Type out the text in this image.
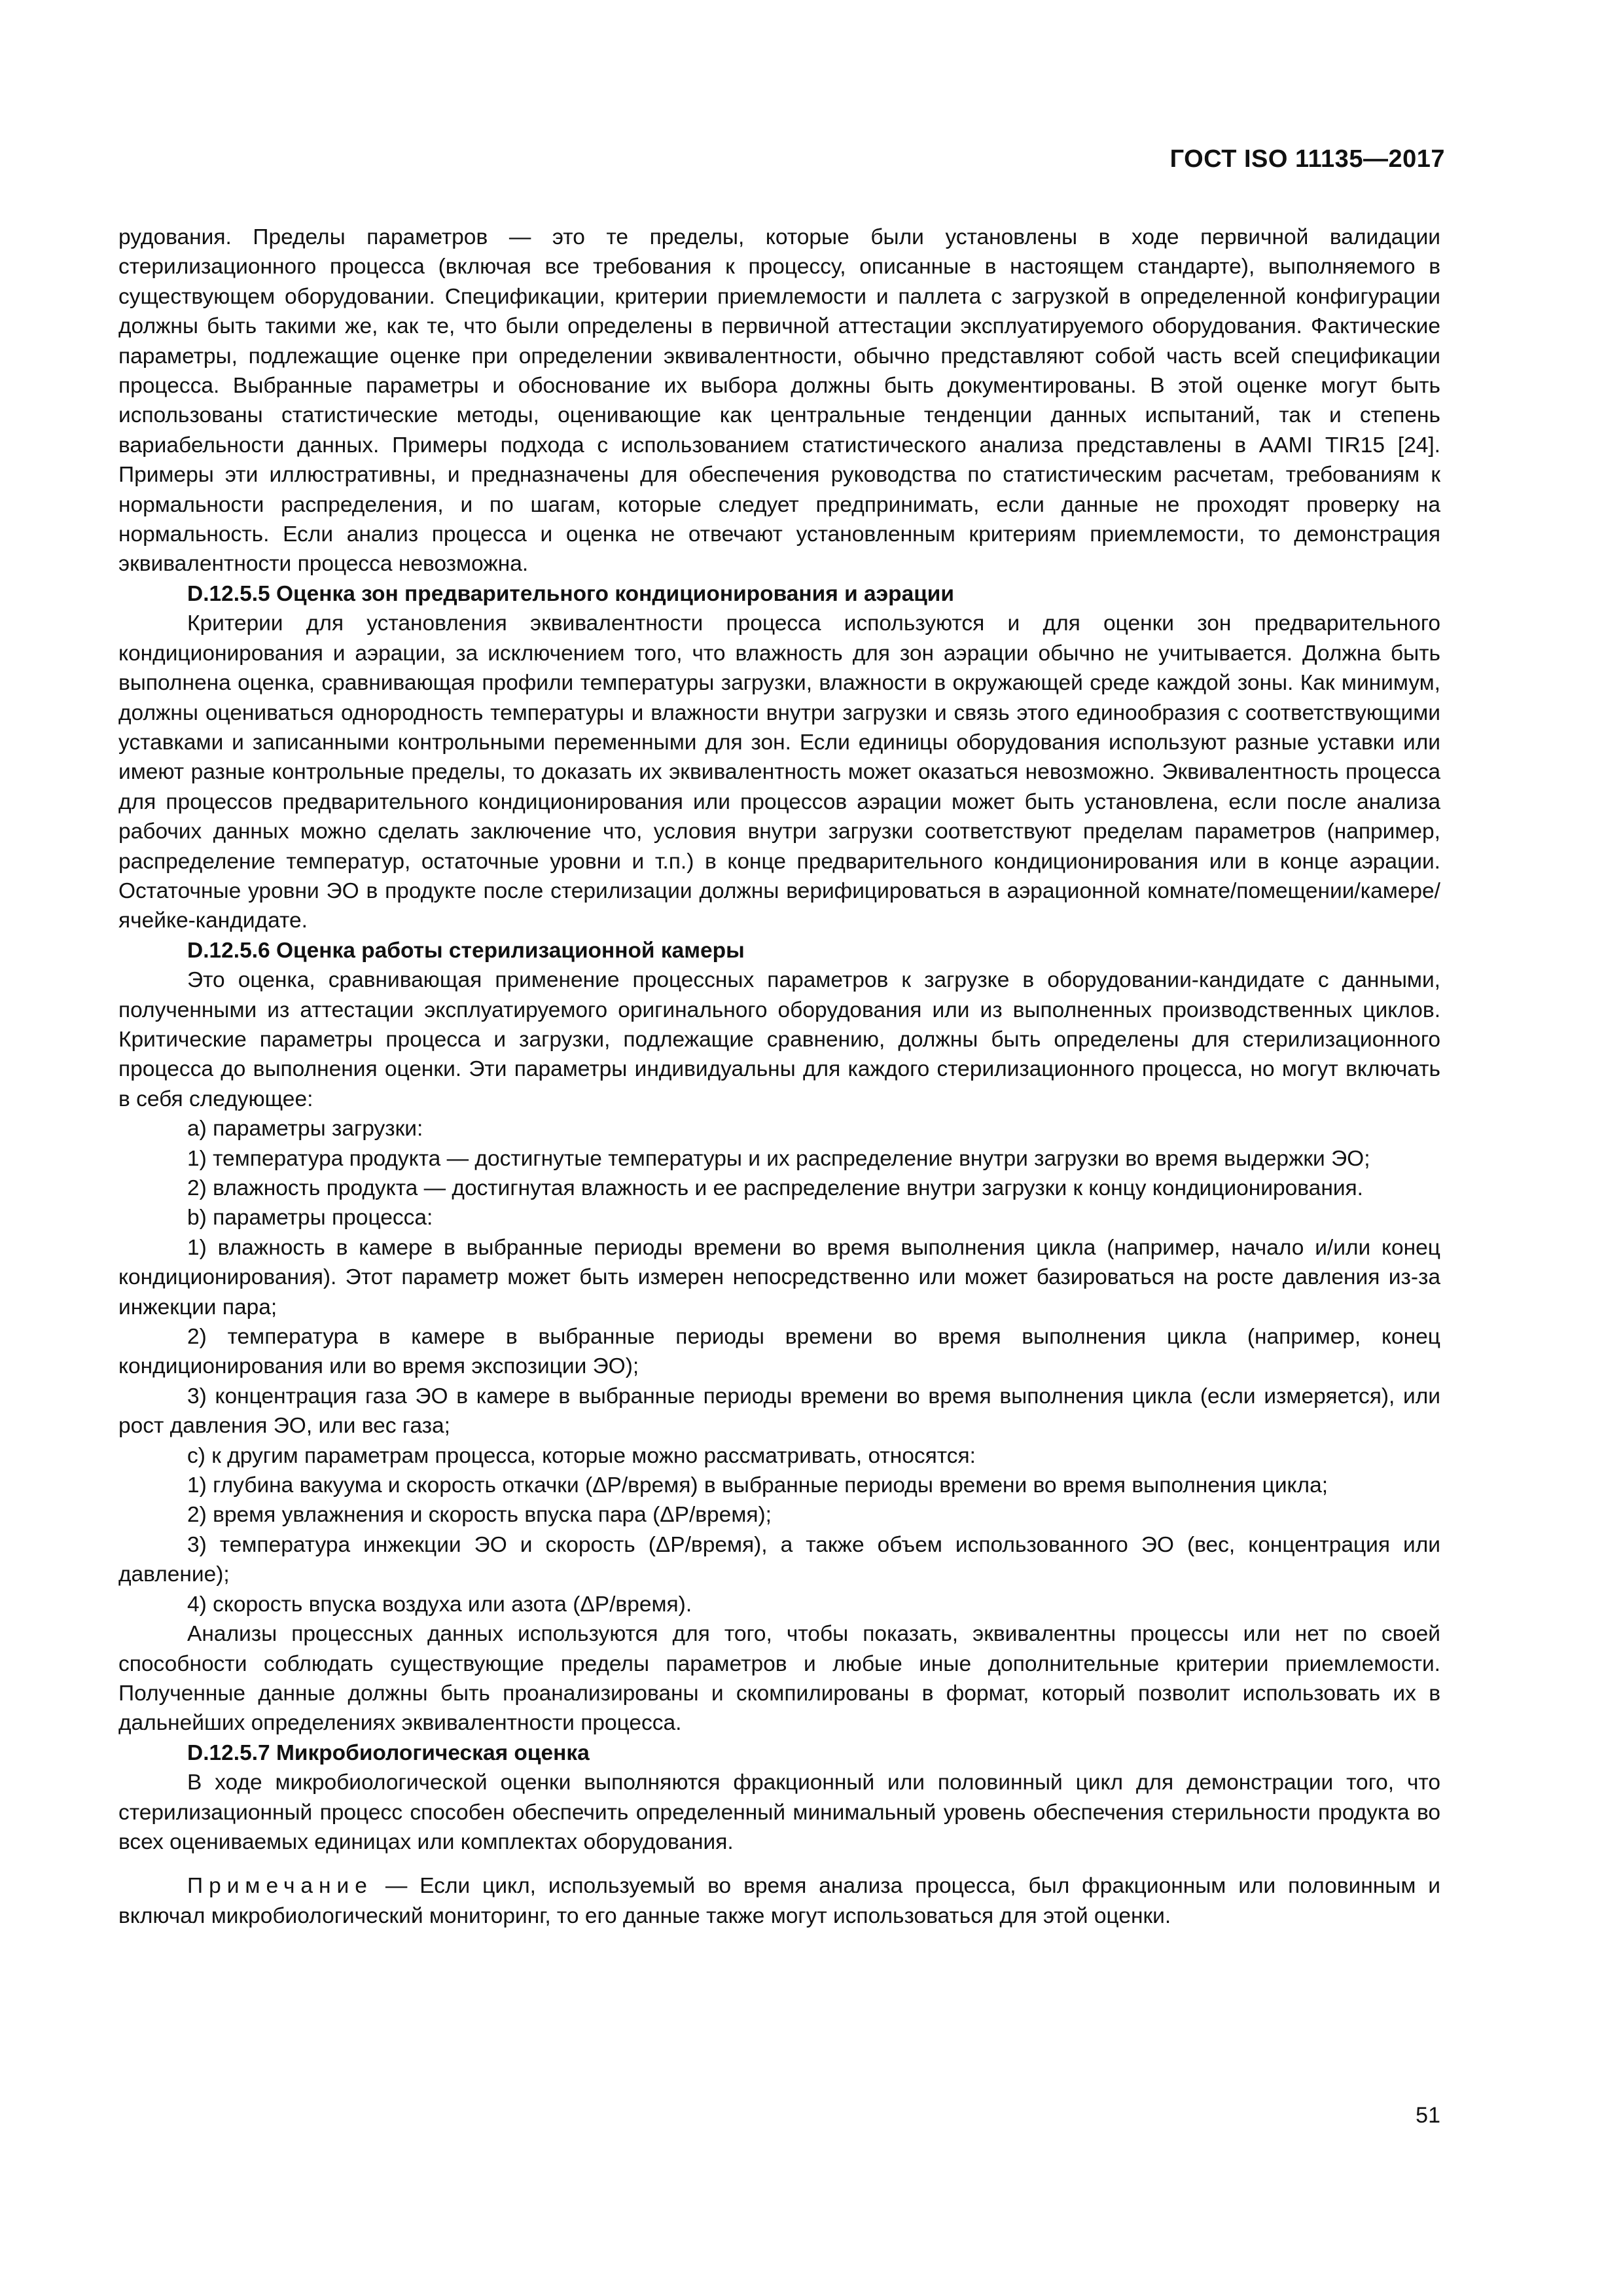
ГОСТ ISO 11135—2017

рудования. Пределы параметров — это те пределы, которые были установлены в ходе первичной валидации стерилизационного процесса (включая все требования к процессу, описанные в настоящем стандарте), выполняемого в существующем оборудовании. Спецификации, критерии приемлемости и паллета с загрузкой в определенной конфигурации должны быть такими же, как те, что были определены в первичной аттестации эксплуатируемого оборудования. Фактические параметры, подлежащие оценке при определении эквивалентности, обычно представляют собой часть всей спецификации процесса. Выбранные параметры и обоснование их выбора должны быть документированы. В этой оценке могут быть использованы статистические методы, оценивающие как центральные тенденции данных испытаний, так и степень вариабельности данных. Примеры подхода с использованием статистического анализа представлены в AAMI TIR15 [24]. Примеры эти иллюстративны, и предназначены для обеспечения руководства по статистическим расчетам, требованиям к нормальности распределения, и по шагам, которые следует предпринимать, если данные не проходят проверку на нормальность. Если анализ процесса и оценка не отвечают установленным критериям приемлемости, то демонстрация эквивалентности процесса невозможна.

D.12.5.5 Оценка зон предварительного кондиционирования и аэрации

Критерии для установления эквивалентности процесса используются и для оценки зон предварительного кондиционирования и аэрации, за исключением того, что влажность для зон аэрации обычно не учитывается. Должна быть выполнена оценка, сравнивающая профили температуры загрузки, влажности в окружающей среде каждой зоны. Как минимум, должны оцениваться однородность температуры и влажности внутри загрузки и связь этого единообразия с соответствующими уставками и записанными контрольными переменными для зон. Если единицы оборудования используют разные уставки или имеют разные контрольные пределы, то доказать их эквивалентность может оказаться невозможно. Эквивалентность процесса для процессов предварительного кондиционирования или процессов аэрации может быть установлена, если после анализа рабочих данных можно сделать заключение что, условия внутри загрузки соответствуют пределам параметров (например, распределение температур, остаточные уровни и т.п.) в конце предварительного кондиционирования или в конце аэрации. Остаточные уровни ЭО в продукте после стерилизации должны верифицироваться в аэрационной комнате/помещении/камере/ячейке-кандидате.

D.12.5.6 Оценка работы стерилизационной камеры

Это оценка, сравнивающая применение процессных параметров к загрузке в оборудовании-кандидате с данными, полученными из аттестации эксплуатируемого оригинального оборудования или из выполненных производственных циклов. Критические параметры процесса и загрузки, подлежащие сравнению, должны быть определены для стерилизационного процесса до выполнения оценки. Эти параметры индивидуальны для каждого стерилизационного процесса, но могут включать в себя следующее:

а) параметры загрузки:

1) температура продукта — достигнутые температуры и их распределение внутри загрузки во время выдержки ЭО;

2) влажность продукта — достигнутая влажность и ее распределение внутри загрузки к концу кондиционирования.

b) параметры процесса:

1) влажность в камере в выбранные периоды времени во время выполнения цикла (например, начало и/или конец кондиционирования). Этот параметр может быть измерен непосредственно или может базироваться на росте давления из-за инжекции пара;

2) температура в камере в выбранные периоды времени во время выполнения цикла (например, конец кондиционирования или во время экспозиции ЭО);

3) концентрация газа ЭО в камере в выбранные периоды времени во время выполнения цикла (если измеряется), или рост давления ЭО, или вес газа;

с) к другим параметрам процесса, которые можно рассматривать, относятся:

1) глубина вакуума и скорость откачки (ΔP/время) в выбранные периоды времени во время выполнения цикла;

2) время увлажнения и скорость впуска пара (ΔP/время);

3) температура инжекции ЭО и скорость (ΔP/время), а также объем использованного ЭО (вес, концентрация или давление);

4) скорость впуска воздуха или азота (ΔP/время).

Анализы процессных данных используются для того, чтобы показать, эквивалентны процессы или нет по своей способности соблюдать существующие пределы параметров и любые иные дополнительные критерии приемлемости. Полученные данные должны быть проанализированы и скомпилированы в формат, который позволит использовать их в дальнейших определениях эквивалентности процесса.

D.12.5.7 Микробиологическая оценка

В ходе микробиологической оценки выполняются фракционный или половинный цикл для демонстрации того, что стерилизационный процесс способен обеспечить определенный минимальный уровень обеспечения стерильности продукта во всех оцениваемых единицах или комплектах оборудования.

Примечание — Если цикл, используемый во время анализа процесса, был фракционным или половинным и включал микробиологический мониторинг, то его данные также могут использоваться для этой оценки.

51
